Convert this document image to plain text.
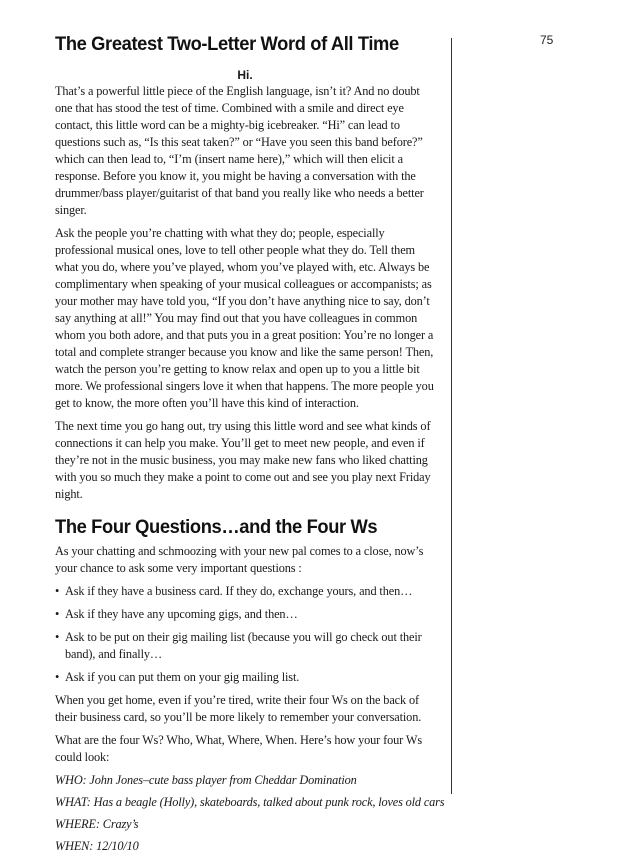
75
The Greatest Two-Letter Word of All Time
Hi.

That’s a powerful little piece of the English language, isn’t it? And no doubt one that has stood the test of time. Combined with a smile and direct eye contact, this little word can be a mighty-big icebreaker. “Hi” can lead to questions such as, “Is this seat taken?” or “Have you seen this band before?” which can then lead to, “I’m (insert name here),” which will then elicit a response. Before you know it, you might be having a conversation with the drummer/bass player/guitarist of that band you really like who needs a better singer.

Ask the people you’re chatting with what they do; people, especially professional musical ones, love to tell other people what they do. Tell them what you do, where you’ve played, whom you’ve played with, etc. Always be complimentary when speaking of your musical colleagues or accompanists; as your mother may have told you, “If you don’t have anything nice to say, don’t say anything at all!” You may find out that you have colleagues in common whom you both adore, and that puts you in a great position: You’re no longer a total and complete stranger because you know and like the same person! Then, watch the person you’re getting to know relax and open up to you a little bit more. We professional singers love it when that happens. The more people you get to know, the more often you’ll have this kind of interaction.

The next time you go hang out, try using this little word and see what kinds of connections it can help you make. You’ll get to meet new people, and even if they’re not in the music business, you may make new fans who liked chatting with you so much they make a point to come out and see you play next Friday night.

The Four Questions…and the Four Ws

As your chatting and schmoozing with your new pal comes to a close, now’s your chance to ask some very important questions :

• Ask if they have a business card. If they do, exchange yours, and then…
• Ask if they have any upcoming gigs, and then…
• Ask to be put on their gig mailing list (because you will go check out their band), and finally…
• Ask if you can put them on your gig mailing list.

When you get home, even if you’re tired, write their four Ws on the back of their business card, so you’ll be more likely to remember your conversation.

What are the four Ws? Who, What, Where, When. Here’s how your four Ws could look:

WHO: John Jones–cute bass player from Cheddar Domination
WHAT: Has a beagle (Holly), skateboards, talked about punk rock, loves old cars
WHERE: Crazy’s
WHEN: 12/10/10
